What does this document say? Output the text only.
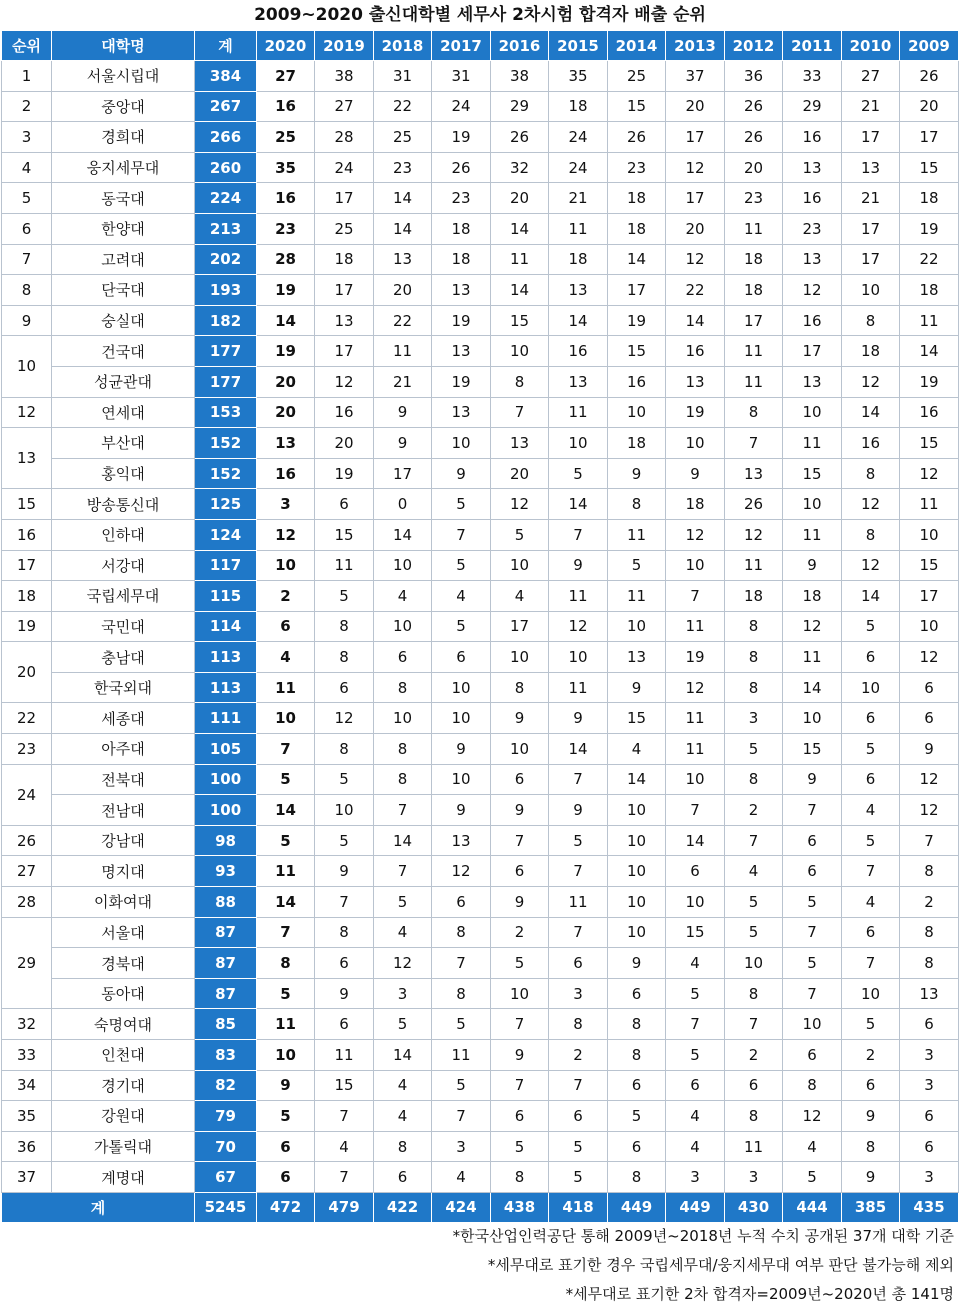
2009~2020 출신대학별 세무사 2차시험 합격자 배출 순위
순위	대학명	계	2020	2019	2018	2017	2016	2015	2014	2013	2012	2011	2010	2009
1	서울시립대	384	27	38	31	31	38	35	25	37	36	33	27	26
2	중앙대	267	16	27	22	24	29	18	15	20	26	29	21	20
3	경희대	266	25	28	25	19	26	24	26	17	26	16	17	17
4	웅지세무대	260	35	24	23	26	32	24	23	12	20	13	13	15
5	동국대	224	16	17	14	23	20	21	18	17	23	16	21	18
6	한양대	213	23	25	14	18	14	11	18	20	11	23	17	19
7	고려대	202	28	18	13	18	11	18	14	12	18	13	17	22
8	단국대	193	19	17	20	13	14	13	17	22	18	12	10	18
9	숭실대	182	14	13	22	19	15	14	19	14	17	16	8	11
10	건국대	177	19	17	11	13	10	16	15	16	11	17	18	14
	성균관대	177	20	12	21	19	8	13	16	13	11	13	12	19
12	연세대	153	20	16	9	13	7	11	10	19	8	10	14	16
13	부산대	152	13	20	9	10	13	10	18	10	7	11	16	15
	홍익대	152	16	19	17	9	20	5	9	9	13	15	8	12
15	방송통신대	125	3	6	0	5	12	14	8	18	26	10	12	11
16	인하대	124	12	15	14	7	5	7	11	12	12	11	8	10
17	서강대	117	10	11	10	5	10	9	5	10	11	9	12	15
18	국립세무대	115	2	5	4	4	4	11	11	7	18	18	14	17
19	국민대	114	6	8	10	5	17	12	10	11	8	12	5	10
20	충남대	113	4	8	6	6	10	10	13	19	8	11	6	12
	한국외대	113	11	6	8	10	8	11	9	12	8	14	10	6
22	세종대	111	10	12	10	10	9	9	15	11	3	10	6	6
23	아주대	105	7	8	8	9	10	14	4	11	5	15	5	9
24	전북대	100	5	5	8	10	6	7	14	10	8	9	6	12
	전남대	100	14	10	7	9	9	9	10	7	2	7	4	12
26	강남대	98	5	5	14	13	7	5	10	14	7	6	5	7
27	명지대	93	11	9	7	12	6	7	10	6	4	6	7	8
28	이화여대	88	14	7	5	6	9	11	10	10	5	5	4	2
29	서울대	87	7	8	4	8	2	7	10	15	5	7	6	8
	경북대	87	8	6	12	7	5	6	9	4	10	5	7	8
	동아대	87	5	9	3	8	10	3	6	5	8	7	10	13
32	숙명여대	85	11	6	5	5	7	8	8	7	7	10	5	6
33	인천대	83	10	11	14	11	9	2	8	5	2	6	2	3
34	경기대	82	9	15	4	5	7	7	6	6	6	8	6	3
35	강원대	79	5	7	4	7	6	6	5	4	8	12	9	6
36	가톨릭대	70	6	4	8	3	5	5	6	4	11	4	8	6
37	계명대	67	6	7	6	4	8	5	8	3	3	5	9	3
계		5245	472	479	422	424	438	418	449	449	430	444	385	435
*한국산업인력공단 통해 2009년~2018년 누적 수치 공개된 37개 대학 기준
*세무대로 표기한 경우 국립세무대/웅지세무대 여부 판단 불가능해 제외
*세무대로 표기한 2차 합격자=2009년~2020년 총 141명
